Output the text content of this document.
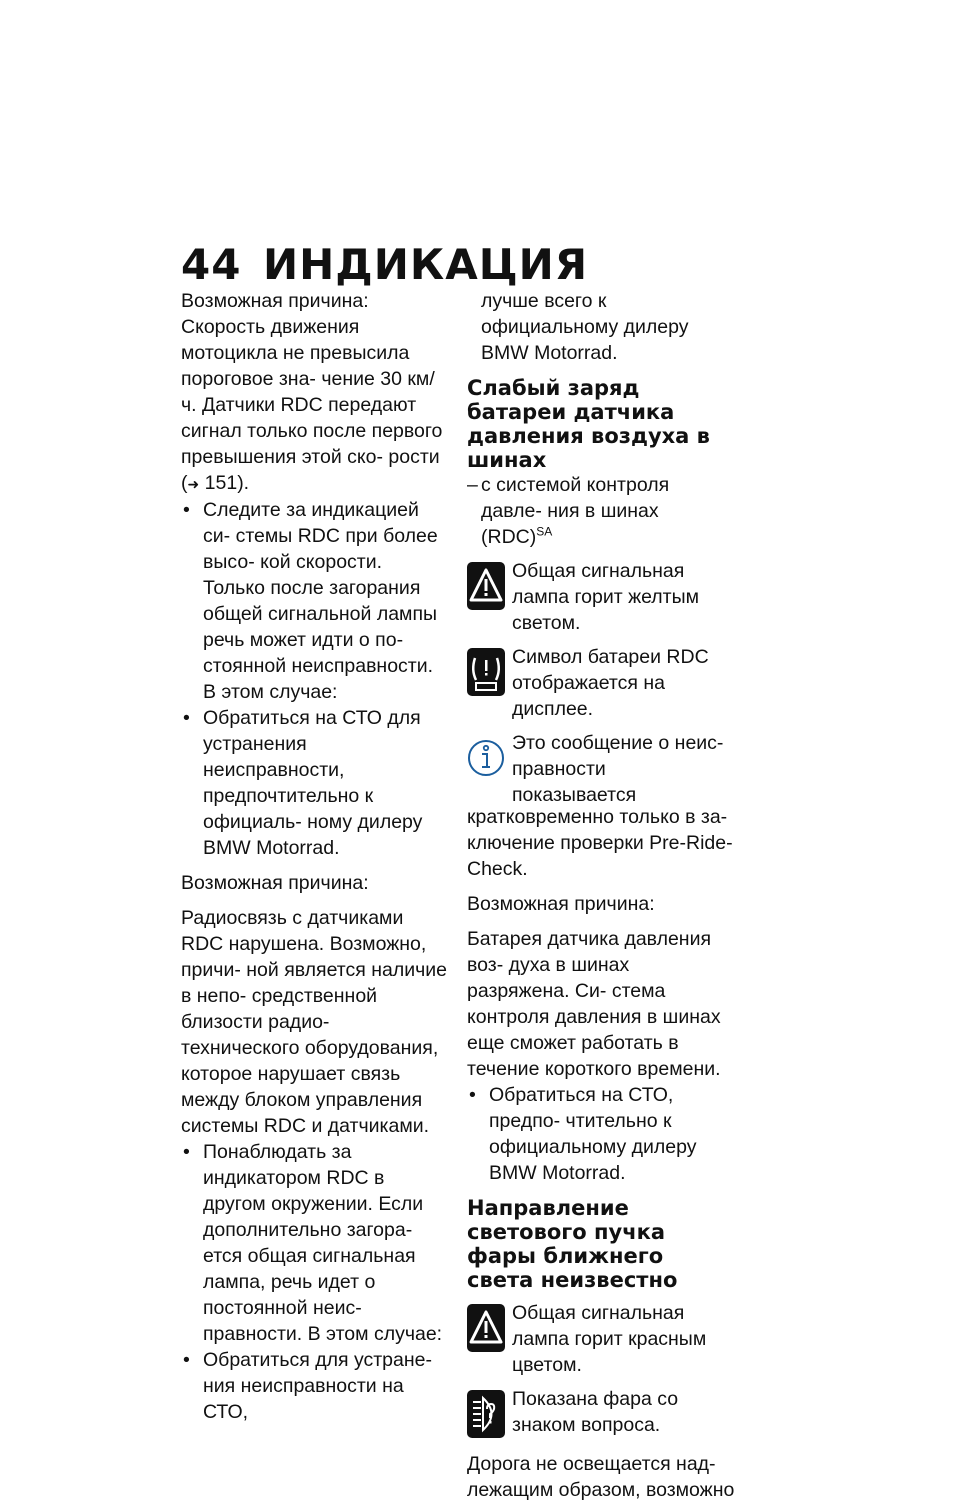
44 ИНДИКАЦИЯ

Возможная причина:

Скорость движения мотоцикла не превысила пороговое зна- чение 30 км/ч. Датчики RDC передают сигнал только после первого превышения этой ско- рости (➜ 151).

• Следите за индикацией си- стемы RDC при более высо- кой скорости. Только после загорания общей сигнальной лампы речь может идти о по- стоянной неисправности. В этом случае:

• Обратиться на СТО для устранения неисправности, предпочтительно к официаль- ному дилеру BMW Motorrad.

Возможная причина:

Радиосвязь с датчиками RDC нарушена. Возможно, причи- ной является наличие в непо- средственной близости радио- технического оборудования, которое нарушает связь между блоком управления системы RDC и датчиками.

• Понаблюдать за индикатором RDC в другом окружении. Если дополнительно загора- ется общая сигнальная лампа, речь идет о постоянной неис- правности. В этом случае:

• Обратиться для устране- ния неисправности на СТО,

лучше всего к официальному дилеру BMW Motorrad.

Слабый заряд батареи датчика давления воздуха в шинах

– с системой контроля давле- ния в шинах (RDC)$^{SA}$

Общая сигнальная лампа горит желтым светом.
Символ батареи RDC отображается на дисплее.
Это сообщение о неис- правности показывается

кратковременно только в за- ключение проверки Pre-Ride- Check.

Возможная причина:

Батарея датчика давления воз- духа в шинах разряжена. Си- стема контроля давления в шинах еще сможет работать в течение короткого времени.

• Обратиться на СТО, предпо- чтительно к официальному дилеру BMW Motorrad.

Направление светового пучка фары ближнего света неизвестно
Общая сигнальная лампа горит красным цветом.
Показана фара со знаком вопроса.

Дорога не освещается над- лежащим образом, возможно
